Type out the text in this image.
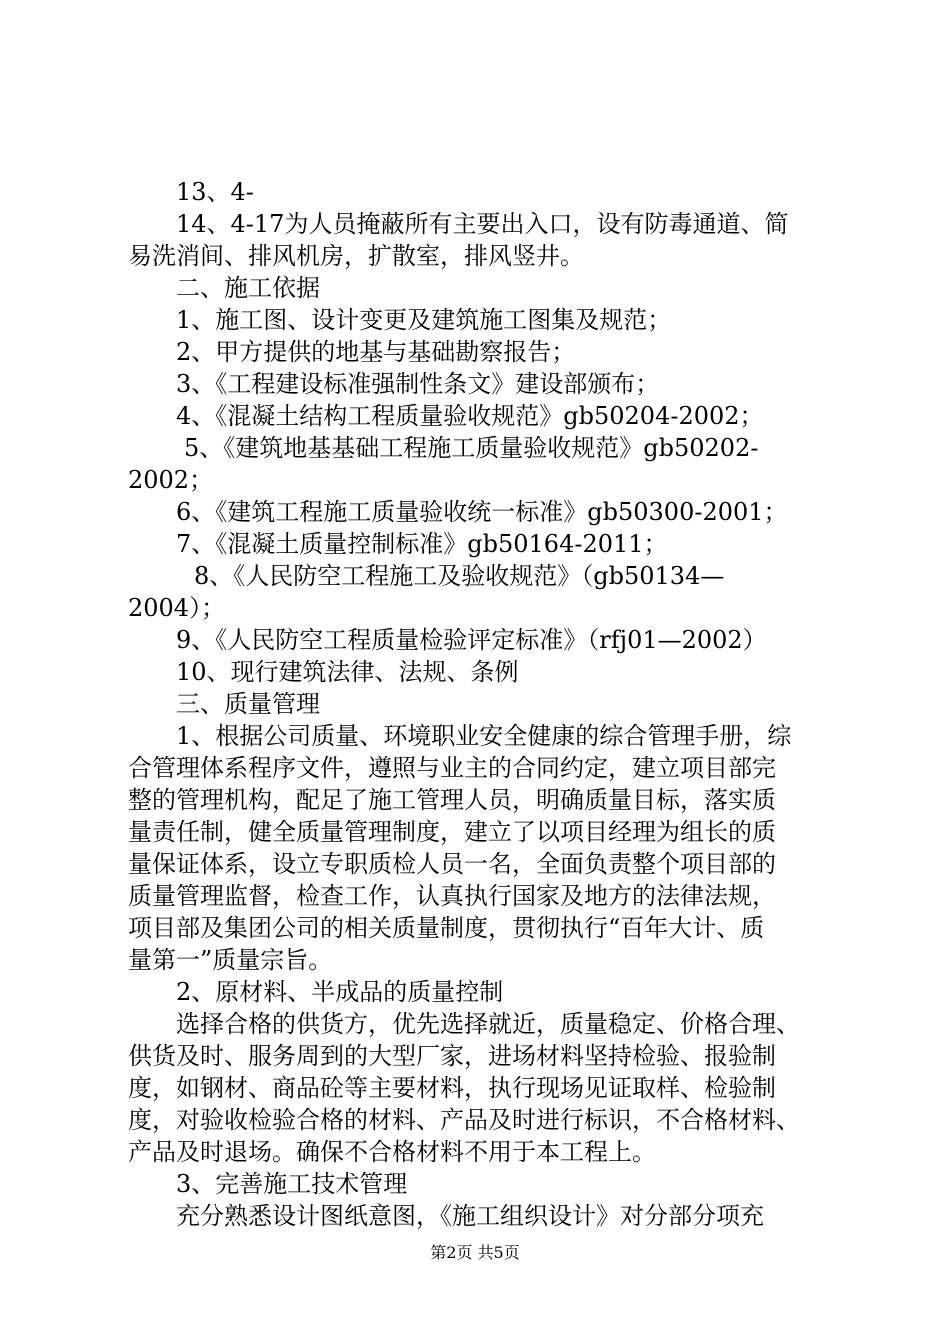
13、4-

14、4-17为人员掩蔽所有主要出入口，设有防毒通道、简

易洗消间、排风机房，扩散室，排风竖井。

二、施工依据

1、施工图、设计变更及建筑施工图集及规范；

2、甲方提供的地基与基础勘察报告；

3、《工程建设标准强制性条文》建设部颁布；

4、《混凝土结构工程质量验收规范》gb50204-2002；

5、《建筑地基基础工程施工质量验收规范》gb50202-

2002；

6、《建筑工程施工质量验收统一标准》gb50300-2001；

7、《混凝土质量控制标准》gb50164-2011；

8、《人民防空工程施工及验收规范》（gb50134—

2004）；

9、《人民防空工程质量检验评定标准》（rfj01—2002）

10、现行建筑法律、法规、条例

三、质量管理

1、根据公司质量、环境职业安全健康的综合管理手册，综

合管理体系程序文件，遵照与业主的合同约定，建立项目部完

整的管理机构，配足了施工管理人员，明确质量目标，落实质

量责任制，健全质量管理制度，建立了以项目经理为组长的质

量保证体系，设立专职质检人员一名，全面负责整个项目部的

质量管理监督，检查工作，认真执行国家及地方的法律法规，

项目部及集团公司的相关质量制度，贯彻执行“百年大计、质

量第一”质量宗旨。

2、原材料、半成品的质量控制

选择合格的供货方，优先选择就近，质量稳定、价格合理、

供货及时、服务周到的大型厂家，进场材料坚持检验、报验制

度，如钢材、商品砼等主要材料，执行现场见证取样、检验制

度，对验收检验合格的材料、产品及时进行标识，不合格材料、

产品及时退场。确保不合格材料不用于本工程上。

3、完善施工技术管理

充分熟悉设计图纸意图，《施工组织设计》对分部分项充

第2页 共5页
